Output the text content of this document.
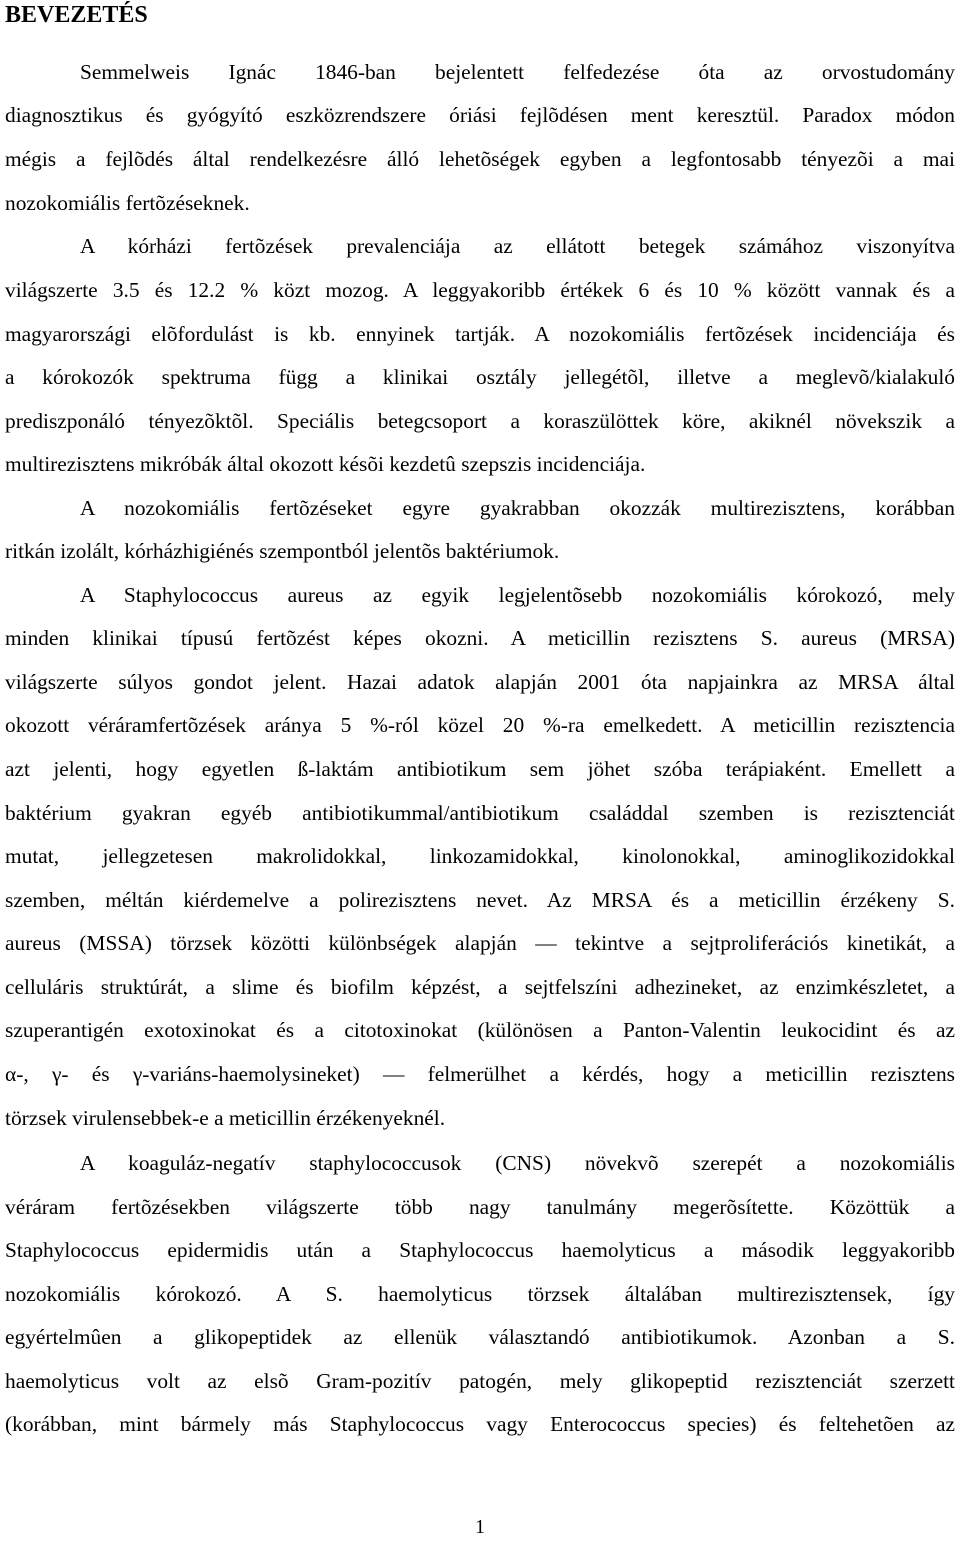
BEVEZETÉS
Semmelweis Ignác 1846-ban bejelentett felfedezése óta az orvostudomány
diagnosztikus és gyógyító eszközrendszere óriási fejlõdésen ment keresztül. Paradox módon
mégis a fejlõdés által rendelkezésre álló lehetõségek egyben a legfontosabb tényezõi a mai
nozokomiális fertõzéseknek.
A kórházi fertõzések prevalenciája az ellátott betegek számához viszonyítva
világszerte 3.5 és 12.2 % közt mozog. A leggyakoribb értékek 6 és 10 % között vannak és a
magyarországi elõfordulást is kb. ennyinek tartják. A nozokomiális fertõzések incidenciája és
a kórokozók spektruma függ a klinikai osztály jellegétõl, illetve a meglevõ/kialakuló
prediszponáló tényezõktõl. Speciális betegcsoport a koraszülöttek köre, akiknél növekszik a
multirezisztens mikróbák által okozott késõi kezdetû szepszis incidenciája.
A nozokomiális fertõzéseket egyre gyakrabban okozzák multirezisztens, korábban
ritkán izolált, kórházhigiénés szempontból jelentõs baktériumok.
A Staphylococcus aureus az egyik legjelentõsebb nozokomiális kórokozó, mely
minden klinikai típusú fertõzést képes okozni. A meticillin rezisztens S. aureus (MRSA)
világszerte súlyos gondot jelent. Hazai adatok alapján 2001 óta napjainkra az MRSA által
okozott véráramfertõzések aránya 5 %-ról közel 20 %-ra emelkedett. A meticillin rezisztencia
azt jelenti, hogy egyetlen ß-laktám antibiotikum sem jöhet szóba terápiaként. Emellett a
baktérium gyakran egyéb antibiotikummal/antibiotikum családdal szemben is rezisztenciát
mutat, jellegzetesen makrolidokkal, linkozamidokkal, kinolonokkal, aminoglikozidokkal
szemben, méltán kiérdemelve a polirezisztens nevet. Az MRSA és a meticillin érzékeny S.
aureus (MSSA) törzsek közötti különbségek alapján — tekintve a sejtproliferációs kinetikát, a
celluláris struktúrát, a slime és biofilm képzést, a sejtfelszíni adhezineket, az enzimkészletet, a
szuperantigén exotoxinokat és a citotoxinokat (különösen a Panton-Valentin leukocidint és az
α-, γ- és γ-variáns-haemolysineket) — felmerülhet a kérdés, hogy a meticillin rezisztens
törzsek virulensebbek-e a meticillin érzékenyeknél.
A koaguláz-negatív staphylococcusok (CNS) növekvõ szerepét a nozokomiális
véráram fertõzésekben világszerte több nagy tanulmány megerõsítette. Közöttük a
Staphylococcus epidermidis után a Staphylococcus haemolyticus a második leggyakoribb
nozokomiális kórokozó. A S. haemolyticus törzsek általában multirezisztensek, így
egyértelmûen a glikopeptidek az ellenük választandó antibiotikumok. Azonban a S.
haemolyticus volt az elsõ Gram-pozitív patogén, mely glikopeptid rezisztenciát szerzett
(korábban, mint bármely más Staphylococcus vagy Enterococcus species) és feltehetõen az
1
